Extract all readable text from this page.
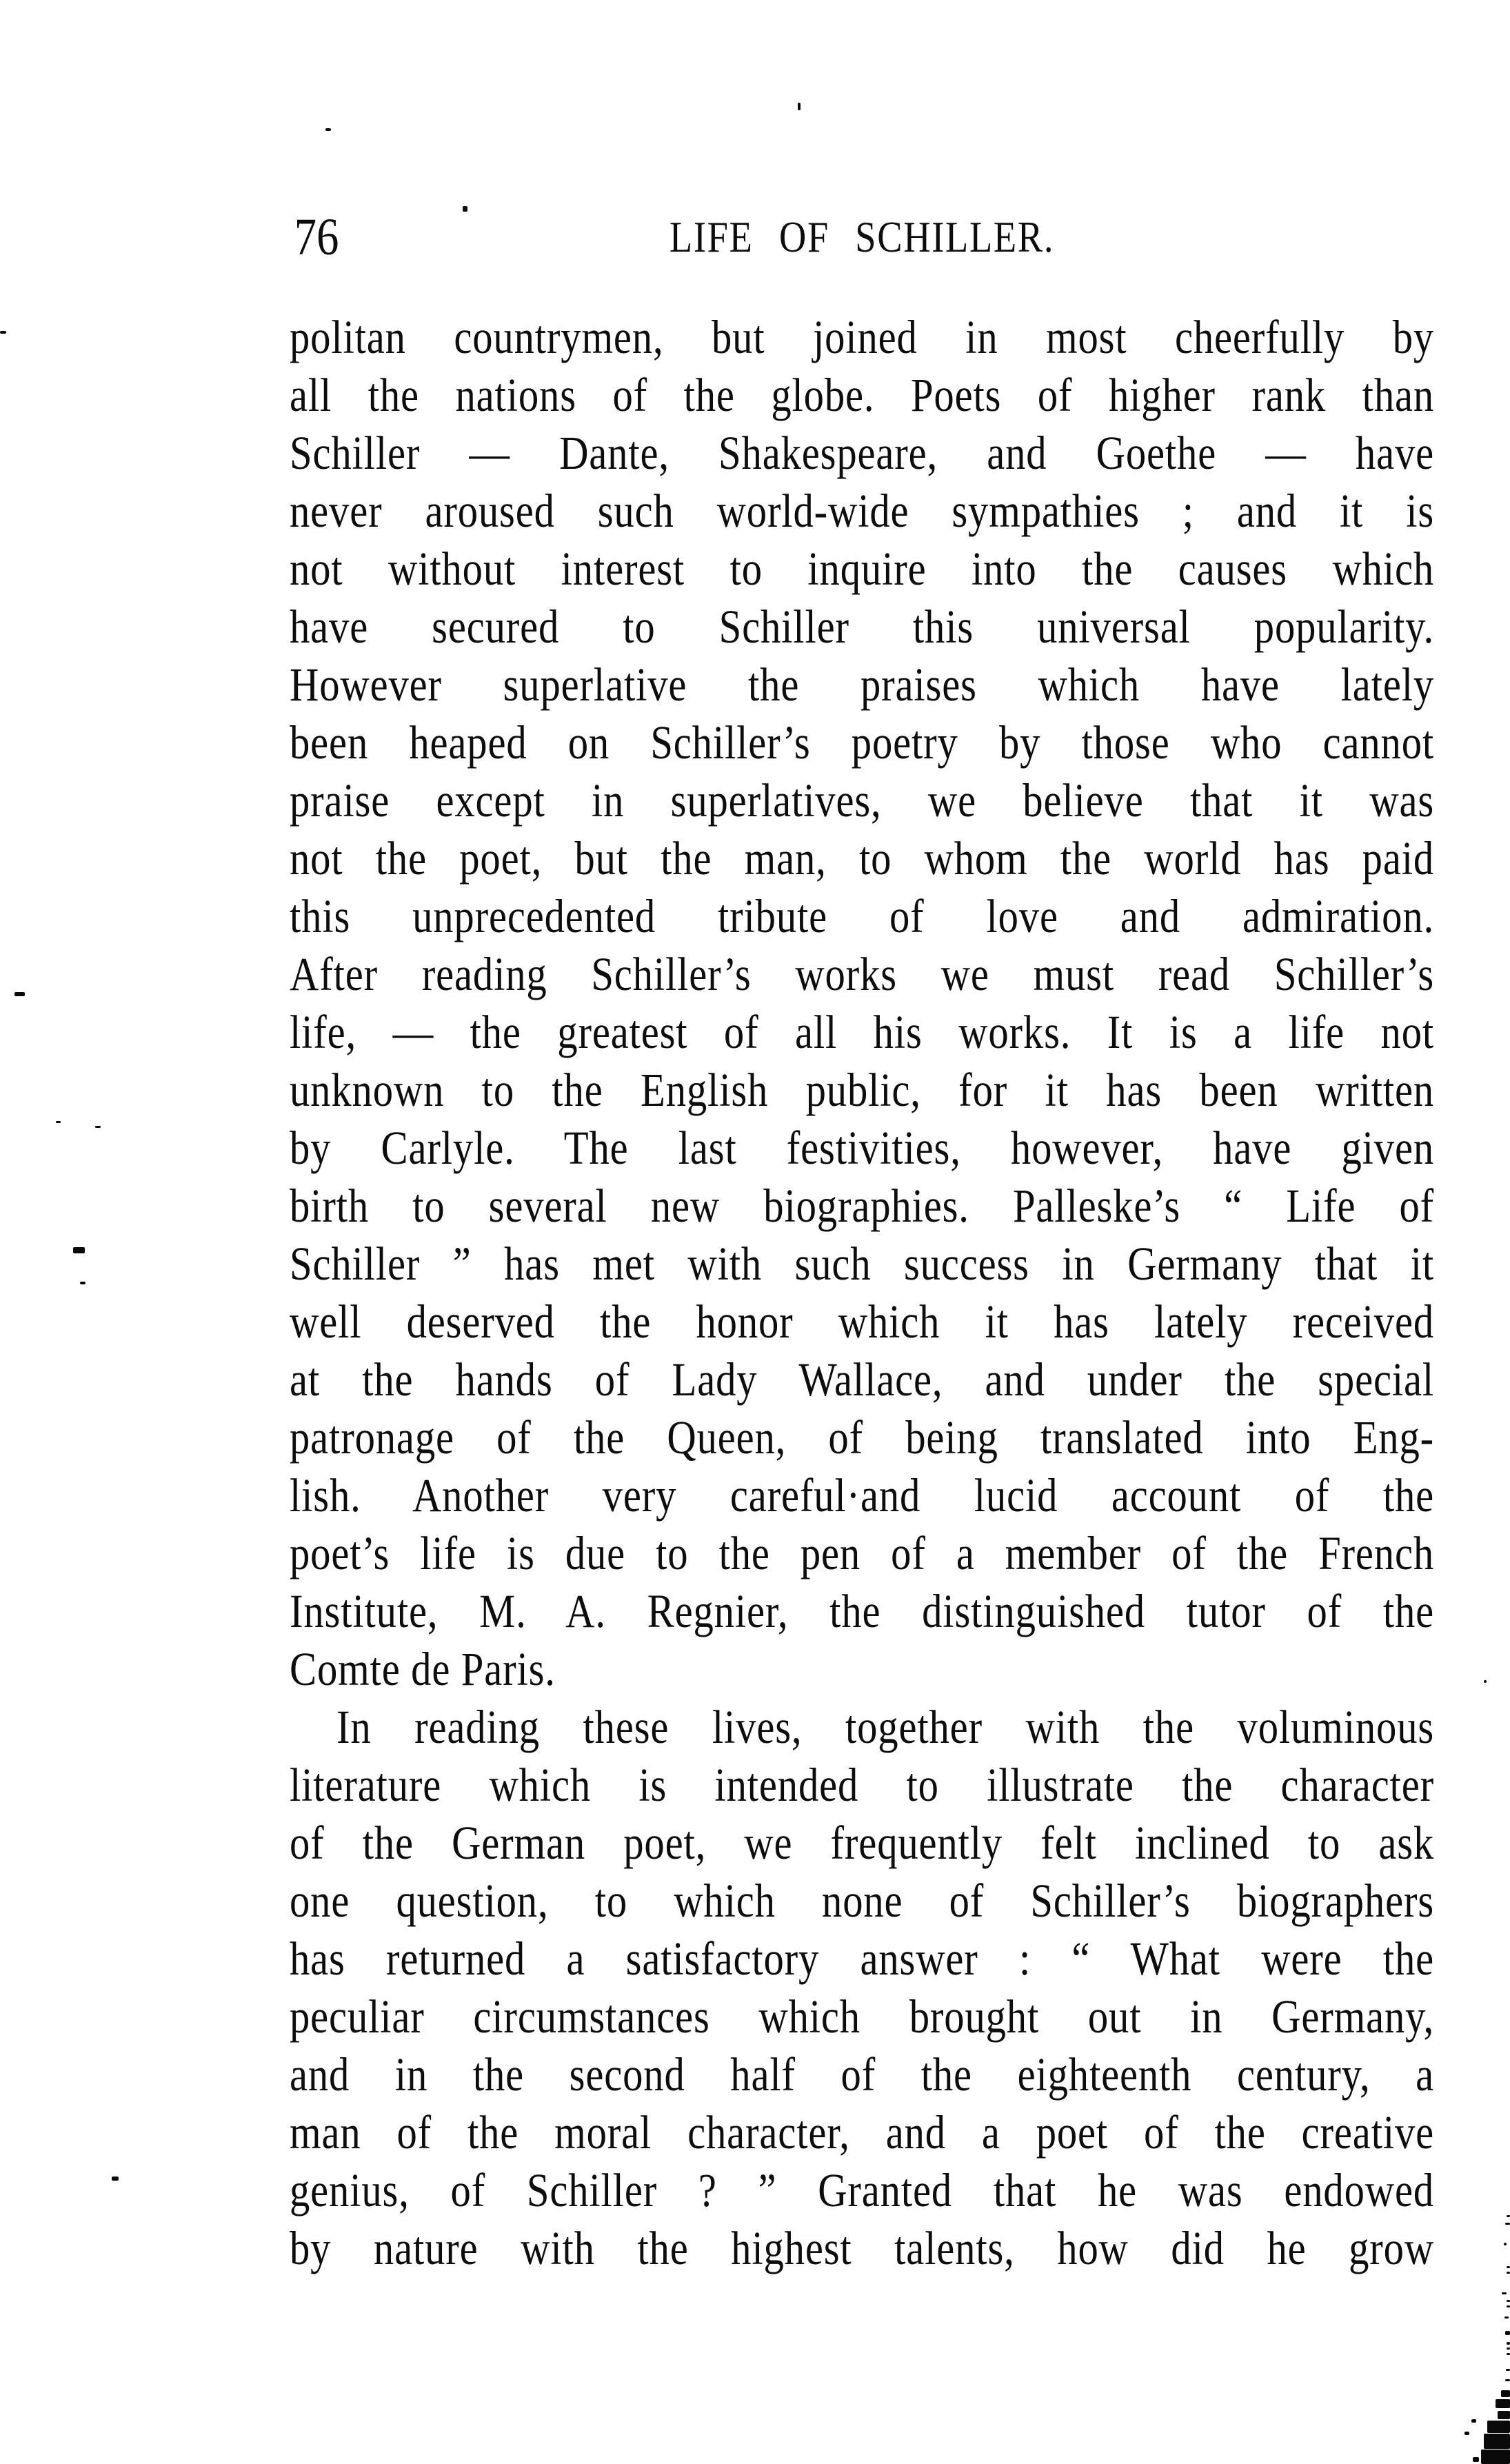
76	LIFE OF SCHILLER.
politan countrymen, but joined in most cheerfully by
all the nations of the globe. Poets of higher rank than
Schiller — Dante, Shakespeare, and Goethe — have
never aroused such world-wide sympathies ; and it is
not without interest to inquire into the causes which
have secured to Schiller this universal popularity.
However superlative the praises which have lately
been heaped on Schiller’s poetry by those who cannot
praise except in superlatives, we believe that it was
not the poet, but the man, to whom the world has paid
this unprecedented tribute of love and admiration.
After reading Schiller’s works we must read Schiller’s
life, — the greatest of all his works. It is a life not
unknown to the English public, for it has been written
by Carlyle. The last festivities, however, have given
birth to several new biographies. Palleske’s “ Life of
Schiller ” has met with such success in Germany that it
well deserved the honor which it has lately received
at the hands of Lady Wallace, and under the special
patronage of the Queen, of being translated into Eng-
lish. Another very careful·and lucid account of the
poet’s life is due to the pen of a member of the French
Institute, M. A. Regnier, the distinguished tutor of the
Comte de Paris.
In reading these lives, together with the voluminous
literature which is intended to illustrate the character
of the German poet, we frequently felt inclined to ask
one question, to which none of Schiller’s biographers
has returned a satisfactory answer : “ What were the
peculiar circumstances which brought out in Germany,
and in the second half of the eighteenth century, a
man of the moral character, and a poet of the creative
genius, of Schiller ? ” Granted that he was endowed
by nature with the highest talents, how did he grow
